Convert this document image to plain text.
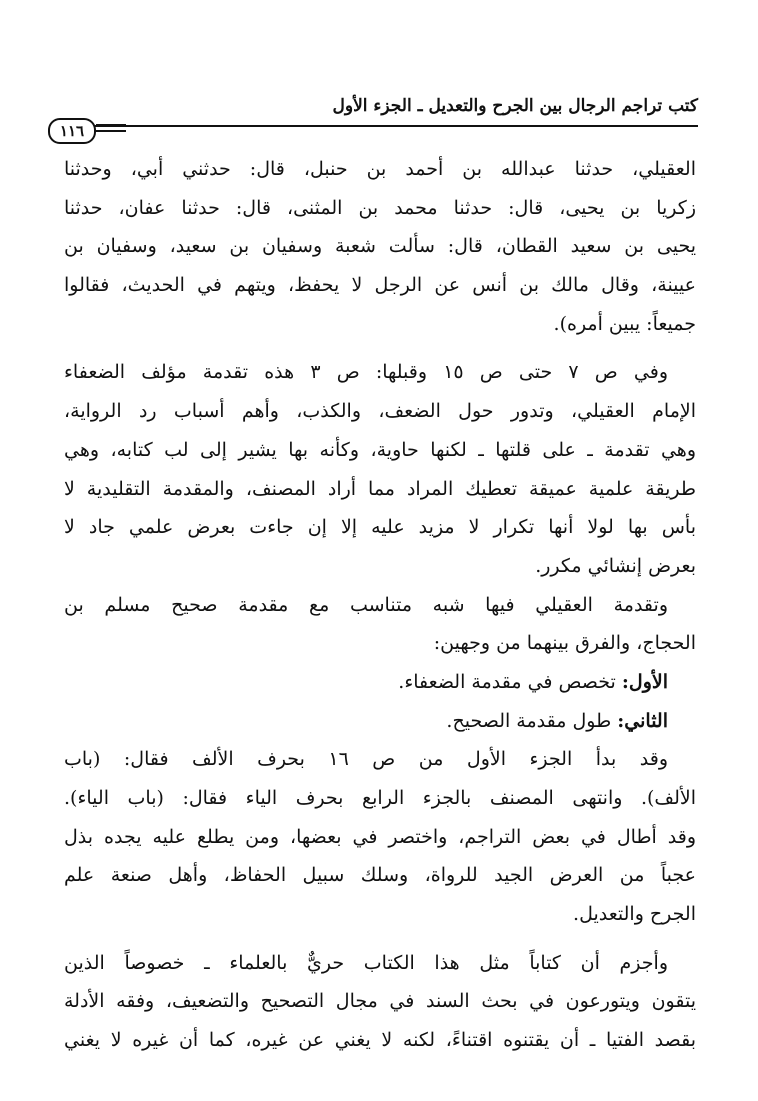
كتب تراجم الرجال بين الجرح والتعديل ـ الجزء الأول
١١٦
العقيلي، حدثنا عبدالله بن أحمد بن حنبل، قال: حدثني أبي، وحدثنا
زكريا بن يحيى، قال: حدثنا محمد بن المثنى، قال: حدثنا عفان، حدثنا
يحيى بن سعيد القطان، قال: سألت شعبة وسفيان بن سعيد، وسفيان بن
عيينة، وقال مالك بن أنس عن الرجل لا يحفظ، ويتهم في الحديث، فقالوا
جميعاً: يبين أمره).
وفي ص ٧ حتى ص ١٥ وقبلها: ص ٣ هذه تقدمة مؤلف الضعفاء
الإمام العقيلي، وتدور حول الضعف، والكذب، وأهم أسباب رد الرواية،
وهي تقدمة ـ على قلتها ـ لكنها حاوية، وكأنه بها يشير إلى لب كتابه، وهي
طريقة علمية عميقة تعطيك المراد مما أراد المصنف، والمقدمة التقليدية لا
بأس بها لولا أنها تكرار لا مزيد عليه إلا إن جاءت بعرض علمي جاد لا
بعرض إنشائي مكرر.
وتقدمة العقيلي فيها شبه متناسب مع مقدمة صحيح مسلم بن
الحجاج، والفرق بينهما من وجهين:
الأول: تخصص في مقدمة الضعفاء.
الثاني: طول مقدمة الصحيح.
وقد بدأ الجزء الأول من ص ١٦ بحرف الألف فقال: (باب
الألف). وانتهى المصنف بالجزء الرابع بحرف الياء فقال: (باب الياء).
وقد أطال في بعض التراجم، واختصر في بعضها، ومن يطلع عليه يجده بذل
عجباً من العرض الجيد للرواة، وسلك سبيل الحفاظ، وأهل صنعة علم
الجرح والتعديل.
وأجزم أن كتاباً مثل هذا الكتاب حريٌّ بالعلماء ـ خصوصاً الذين
يتقون ويتورعون في بحث السند في مجال التصحيح والتضعيف، وفقه الأدلة
بقصد الفتيا ـ أن يقتنوه اقتناءً، لكنه لا يغني عن غيره، كما أن غيره لا يغني
